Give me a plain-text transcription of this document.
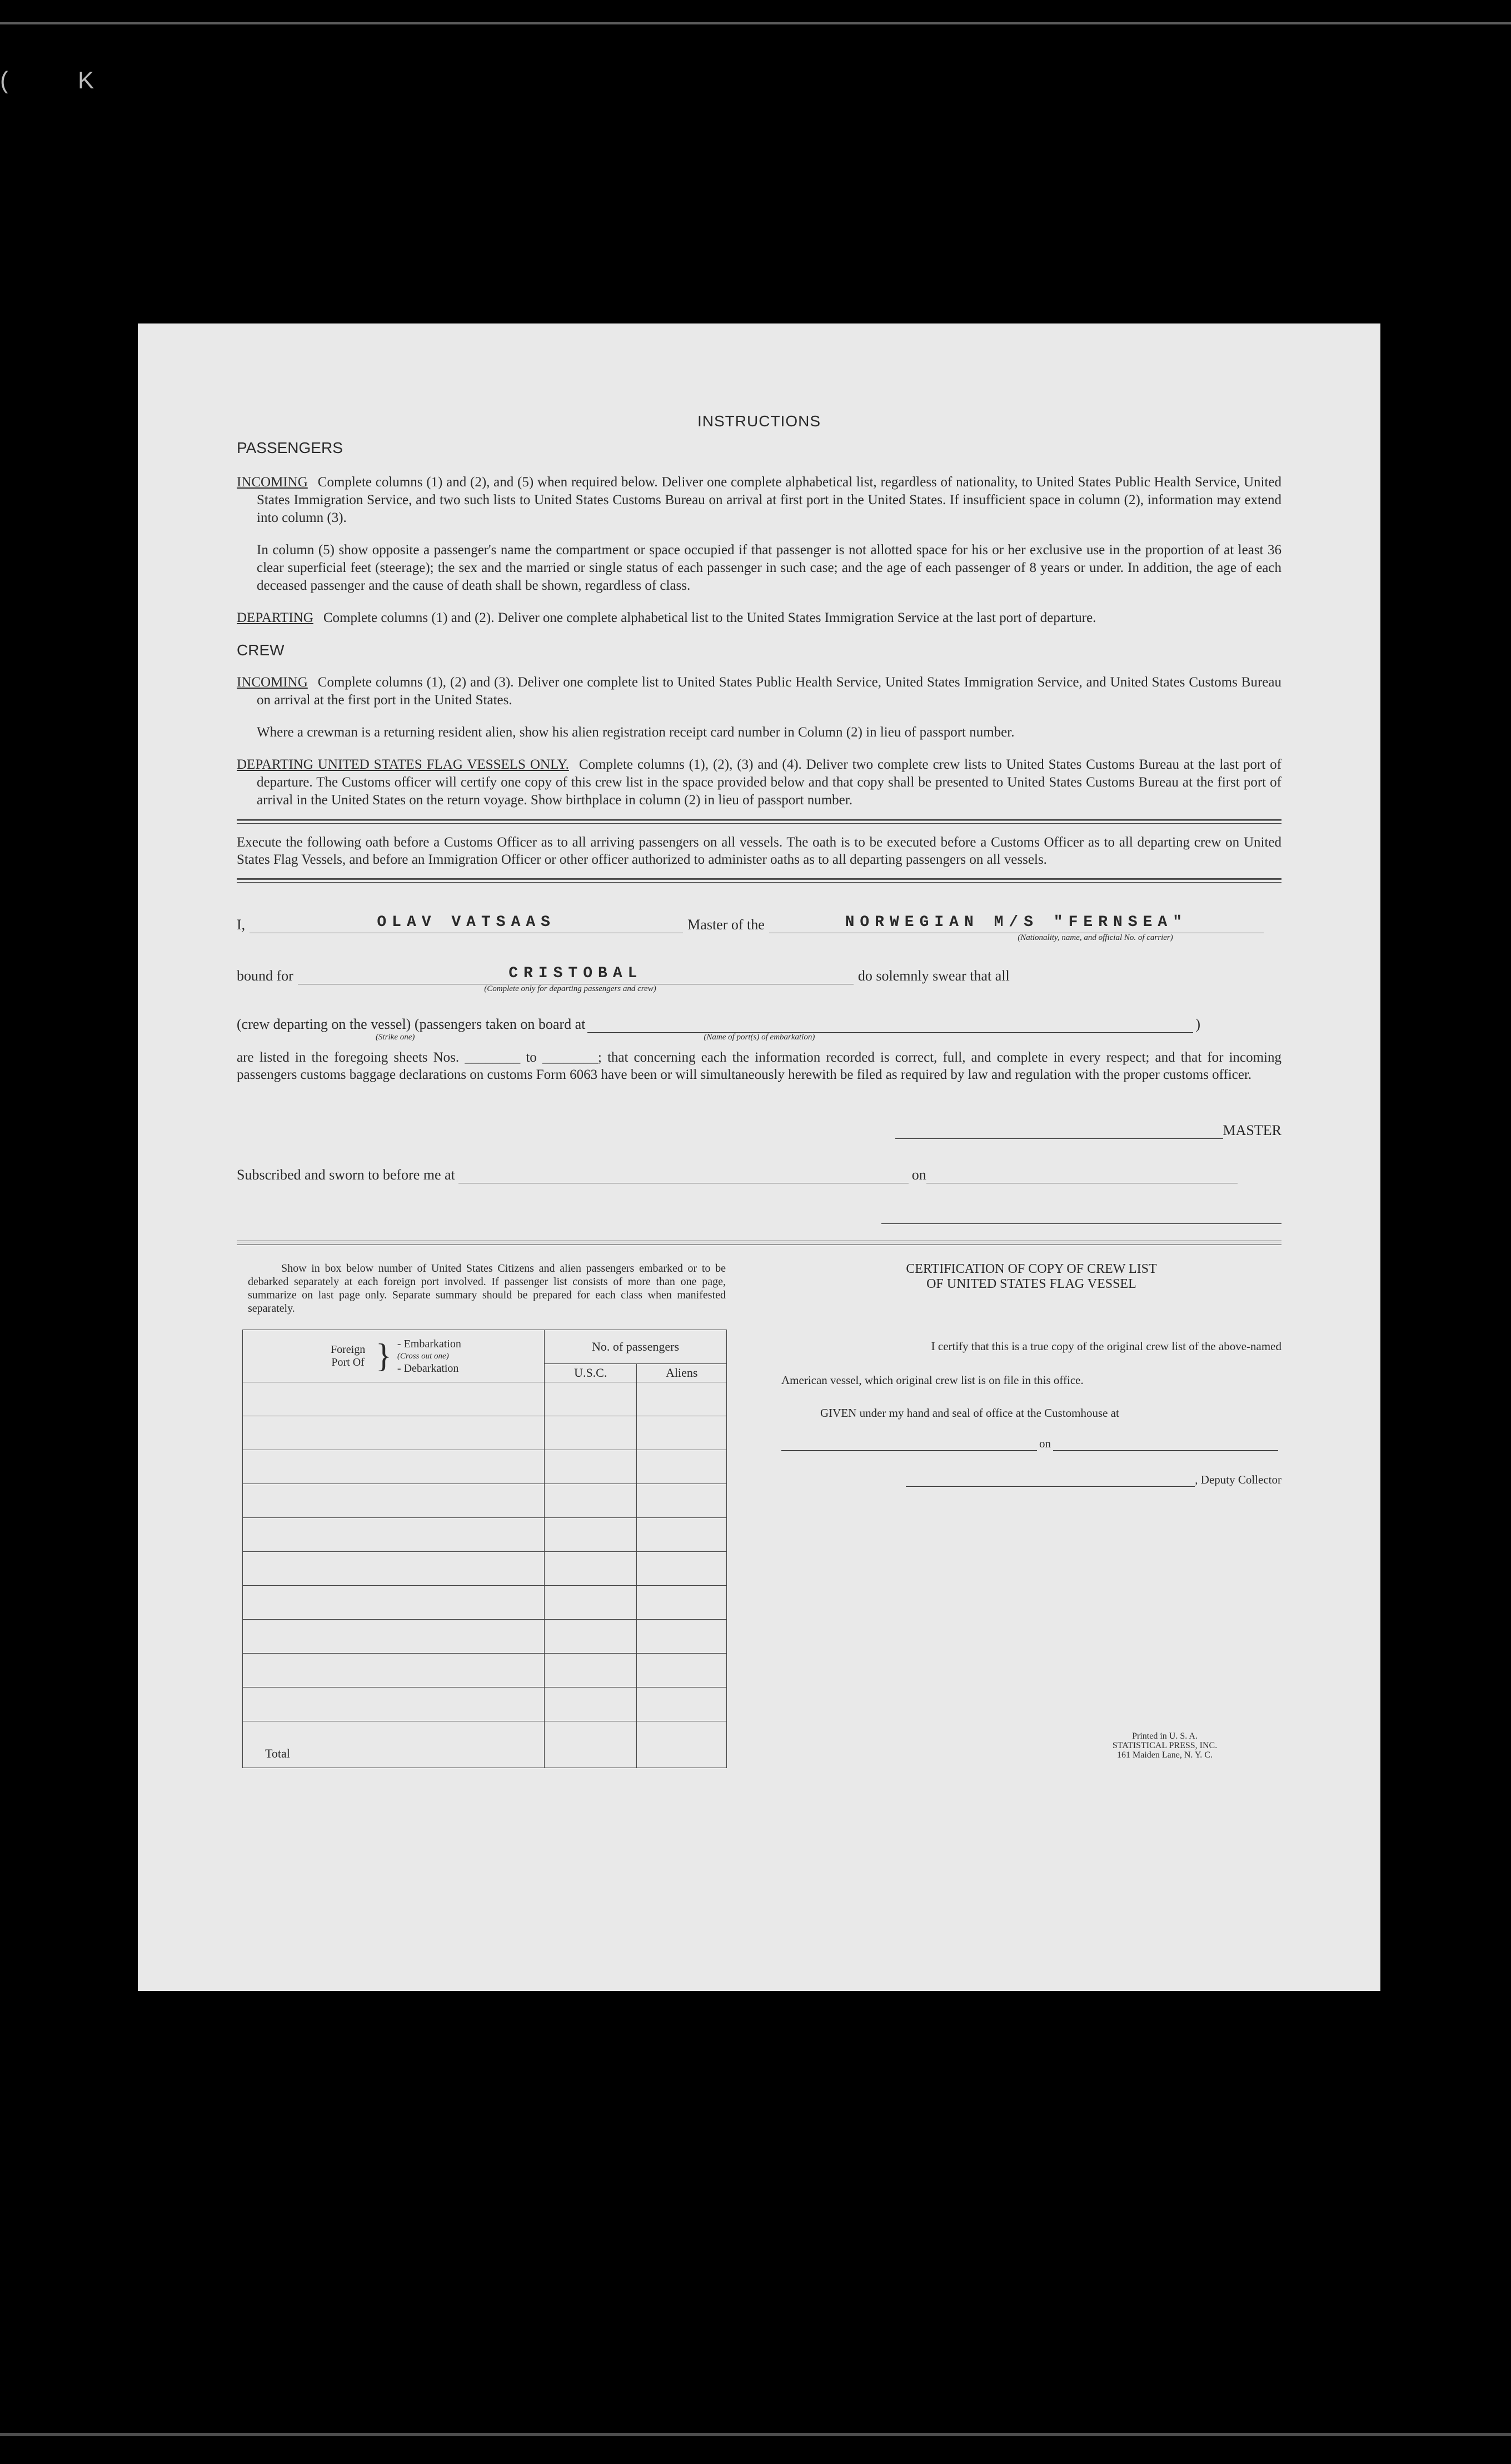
(	K
INSTRUCTIONS
PASSENGERS

INCOMING Complete columns (1) and (2), and (5) when required below. Deliver one complete alphabetical list, regardless of nationality, to United States Public Health Service, United States Immigration Service, and two such lists to United States Customs Bureau on arrival at first port in the United States. If insufficient space in column (2), information may extend into column (3).

In column (5) show opposite a passenger's name the compartment or space occupied if that passenger is not allotted space for his or her exclusive use in the proportion of at least 36 clear superficial feet (steerage); the sex and the married or single status of each passenger in such case; and the age of each passenger of 8 years or under. In addition, the age of each deceased passenger and the cause of death shall be shown, regardless of class.

DEPARTING Complete columns (1) and (2). Deliver one complete alphabetical list to the United States Immigration Service at the last port of departure.

CREW

INCOMING Complete columns (1), (2) and (3). Deliver one complete list to United States Public Health Service, United States Immigration Service, and United States Customs Bureau on arrival at the first port in the United States.

Where a crewman is a returning resident alien, show his alien registration receipt card number in Column (2) in lieu of passport number.

DEPARTING UNITED STATES FLAG VESSELS ONLY. Complete columns (1), (2), (3) and (4). Deliver two complete crew lists to United States Customs Bureau at the last port of departure. The Customs officer will certify one copy of this crew list in the space provided below and that copy shall be presented to United States Customs Bureau at the first port of arrival in the United States on the return voyage. Show birthplace in column (2) in lieu of passport number.

Execute the following oath before a Customs Officer as to all arriving passengers on all vessels. The oath is to be executed before a Customs Officer as to all departing crew on United States Flag Vessels, and before an Immigration Officer or other officer authorized to administer oaths as to all departing passengers on all vessels.

I,	OLAV VATSAAS	Master of the	NORWEGIAN M/S "FERNSEA"
(Nationality, name, and official No. of carrier)
bound for	CRISTOBAL	do solemnly swear that all
(Complete only for departing passengers and crew)
(crew departing on the vessel) (passengers taken on board at	)
(Strike one)	(Name of port(s) of embarkation)

are listed in the foregoing sheets Nos. ________ to ________; that concerning each the information recorded is correct, full, and complete in every respect; and that for incoming passengers customs baggage declarations on customs Form 6063 have been or will simultaneously herewith be filed as required by law and regulation with the proper customs officer.

MASTER
Subscribed and sworn to before me at	on

Show in box below number of United States Citizens and alien passengers embarked or to be debarked separately at each foreign port involved. If passenger list consists of more than one page, summarize on last page only. Separate summary should be prepared for each class when manifested separately.

Foreign Port Of } - Embarkation
(Cross out one)
- Debarkation	No. of passengers	
	U.S.C.	Aliens

Total		
CERTIFICATION OF COPY OF CREW LIST
OF UNITED STATES FLAG VESSEL
I certify that this is a true copy of the original crew list of the above-named
American vessel, which original crew list is on file in this office.
GIVEN under my hand and seal of office at the Customhouse at
on
, Deputy Collector
Printed in U. S. A.
STATISTICAL PRESS, INC.
161 Maiden Lane, N. Y. C.
